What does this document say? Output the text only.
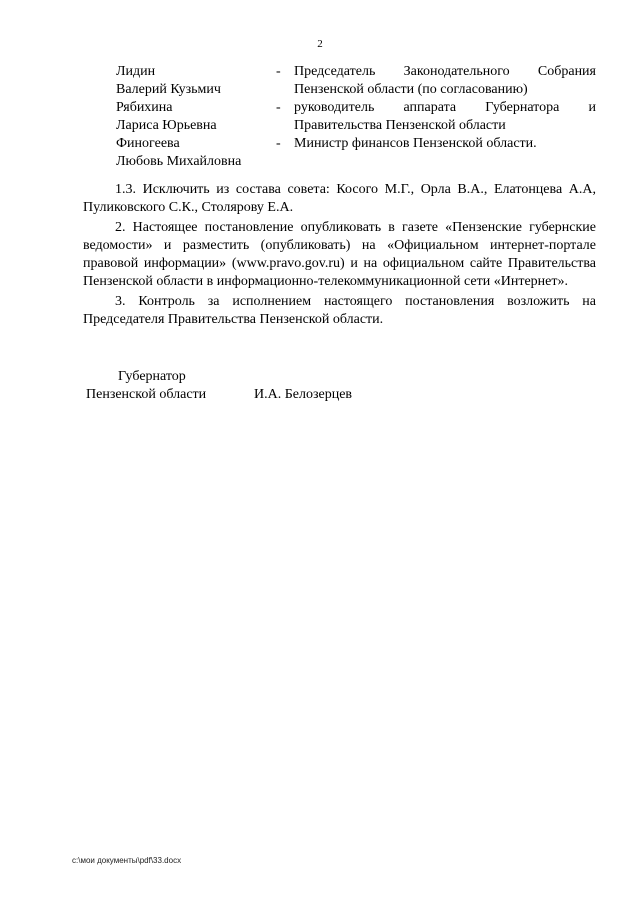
2
Лидин
Валерий Кузьмич
- Председатель Законодательного Собрания
Пензенской области (по согласованию)
Рябихина
Лариса Юрьевна
- руководитель аппарата Губернатора и
Правительства Пензенской области
Финогеева
Любовь Михайловна
- Министр финансов Пензенской области.

1.3. Исключить из состава совета: Косого М.Г., Орла В.А., Елатонцева А.А, Пуликовского С.К., Столярову Е.А.

2. Настоящее постановление опубликовать в газете «Пензенские губернские ведомости» и разместить (опубликовать) на «Официальном интернет-портале правовой информации» (www.pravo.gov.ru) и на официальном сайте Правительства Пензенской области в информационно-телекоммуникационной сети «Интернет».

3. Контроль за исполнением настоящего постановления возложить на Председателя Правительства Пензенской области.

Губернатор
Пензенской области	И.А. Белозерцев
c:\мои документы\pdf\33.docx
